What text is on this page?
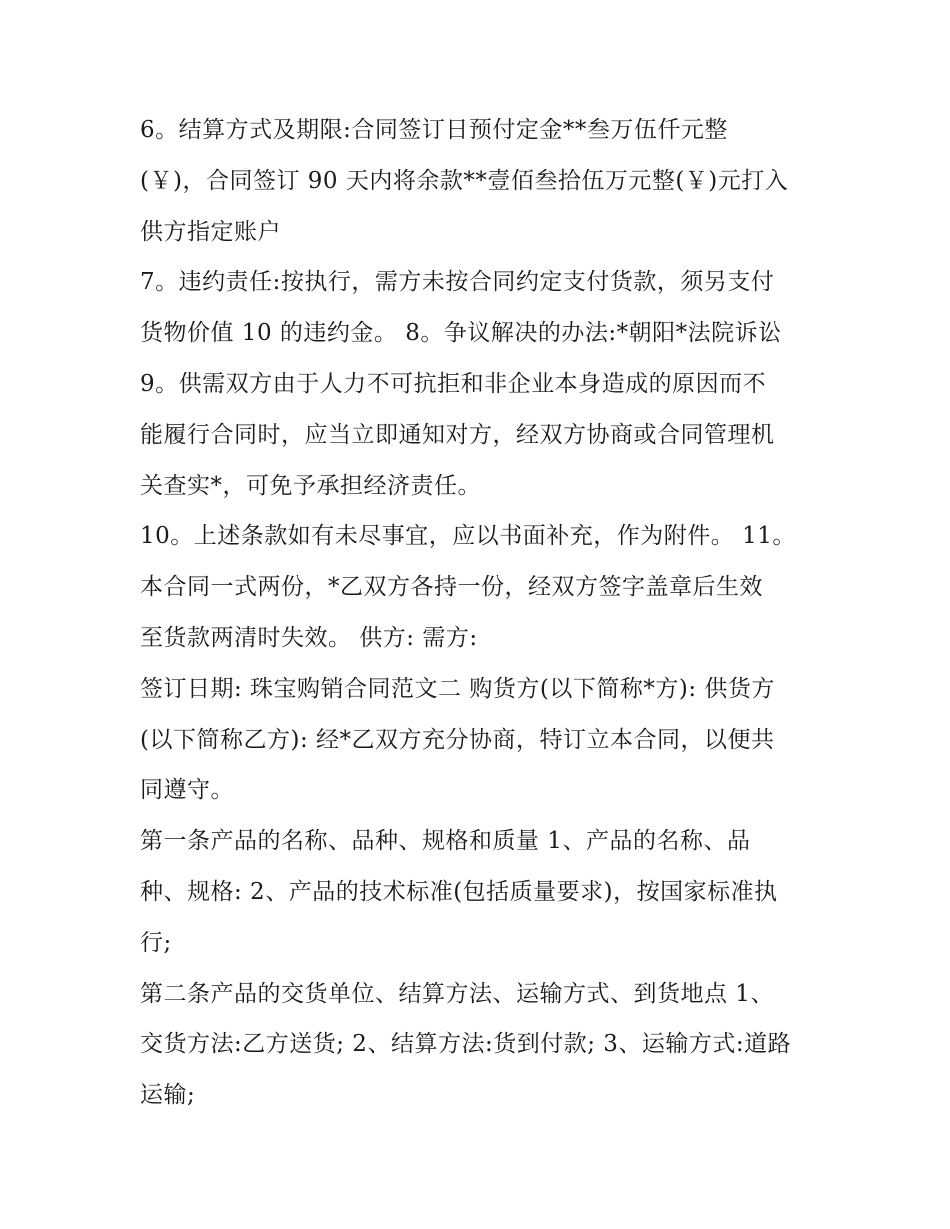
6。结算方式及期限:合同签订日预付定金**叁万伍仟元整
(￥)，合同签订 90 天内将余款**壹佰叁拾伍万元整(￥)元打入
供方指定账户
7。违约责任:按执行，需方未按合同约定支付货款，须另支付
货物价值 10 的违约金。 8。争议解决的办法:*朝阳*法院诉讼
9。供需双方由于人力不可抗拒和非企业本身造成的原因而不
能履行合同时，应当立即通知对方，经双方协商或合同管理机
关查实*，可免予承担经济责任。
10。上述条款如有未尽事宜，应以书面补充，作为附件。 11。
本合同一式两份，*乙双方各持一份，经双方签字盖章后生效
至货款两清时失效。 供方: 需方:
签订日期: 珠宝购销合同范文二 购货方(以下简称*方): 供货方
(以下简称乙方): 经*乙双方充分协商，特订立本合同，以便共
同遵守。
第一条产品的名称、品种、规格和质量 1、产品的名称、品
种、规格: 2、产品的技术标准(包括质量要求)，按国家标准执
行;
第二条产品的交货单位、结算方法、运输方式、到货地点 1、
交货方法:乙方送货; 2、结算方法:货到付款; 3、运输方式:道路
运输;
